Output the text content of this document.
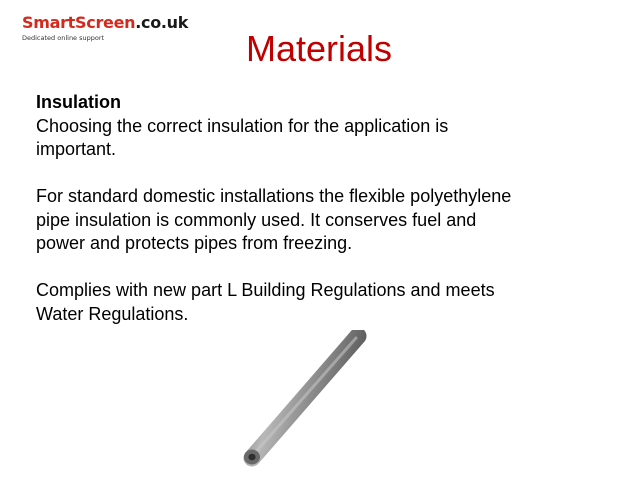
SmartScreen.co.uk
Dedicated online support	Materials

Insulation

Choosing the correct insulation for the application is

important.

For standard domestic installations the flexible polyethylene

pipe insulation is commonly used. It conserves fuel and

power and protects pipes from freezing.

Complies with new part L Building Regulations and meets

Water Regulations.
